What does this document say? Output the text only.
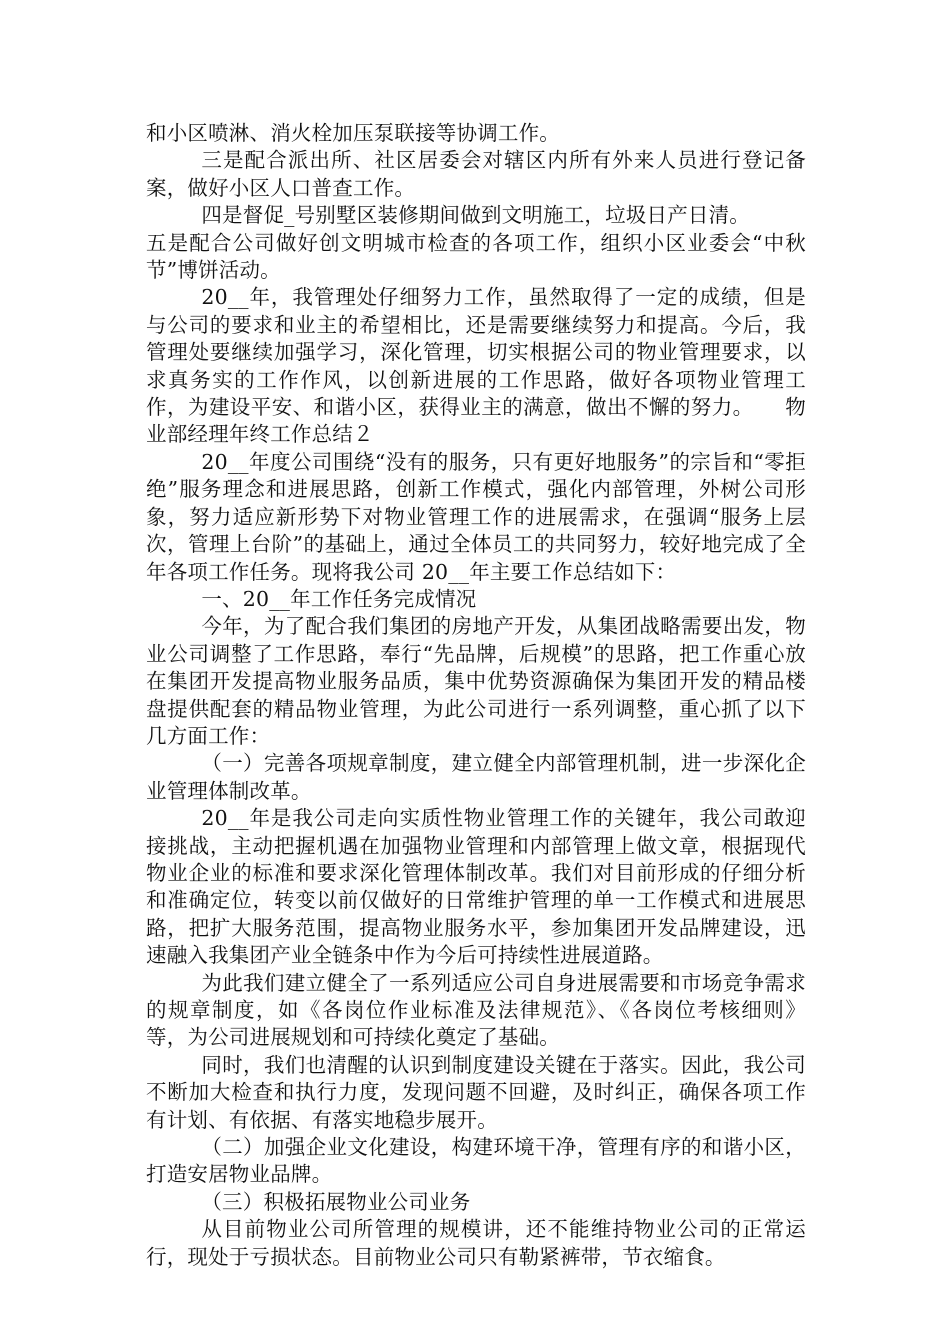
和小区喷淋、消火栓加压泵联接等协调工作。

三是配合派出所、社区居委会对辖区内所有外来人员进行登记备案，做好小区人口普查工作。

四是督促_号别墅区装修期间做到文明施工，垃圾日产日清。

五是配合公司做好创文明城市检查的各项工作，组织小区业委会“中秋节”博饼活动。

20__年，我管理处仔细努力工作，虽然取得了一定的成绩，但是与公司的要求和业主的希望相比，还是需要继续努力和提高。今后，我管理处要继续加强学习，深化管理，切实根据公司的物业管理要求，以求真务实的工作作风，以创新进展的工作思路，做好各项物业管理工作，为建设平安、和谐小区，获得业主的满意，做出不懈的努力。　　物业部经理年终工作总结２

20__年度公司围绕“没有的服务，只有更好地服务”的宗旨和“零拒绝”服务理念和进展思路，创新工作模式，强化内部管理，外树公司形象，努力适应新形势下对物业管理工作的进展需求，在强调“服务上层次，管理上台阶”的基础上，通过全体员工的共同努力，较好地完成了全年各项工作任务。现将我公司 20__年主要工作总结如下：

一、20__年工作任务完成情况

今年，为了配合我们集团的房地产开发，从集团战略需要出发，物业公司调整了工作思路，奉行“先品牌，后规模”的思路，把工作重心放在集团开发提高物业服务品质，集中优势资源确保为集团开发的精品楼盘提供配套的精品物业管理，为此公司进行一系列调整，重心抓了以下几方面工作：

（一）完善各项规章制度，建立健全内部管理机制，进一步深化企业管理体制改革。

20__年是我公司走向实质性物业管理工作的关键年，我公司敢迎接挑战，主动把握机遇在加强物业管理和内部管理上做文章，根据现代物业企业的标准和要求深化管理体制改革。我们对目前形成的仔细分析和准确定位，转变以前仅做好的日常维护管理的单一工作模式和进展思路，把扩大服务范围，提高物业服务水平，参加集团开发品牌建设，迅速融入我集团产业全链条中作为今后可持续性进展道路。

为此我们建立健全了一系列适应公司自身进展需要和市场竞争需求的规章制度，如《各岗位作业标准及法律规范》、《各岗位考核细则》等，为公司进展规划和可持续化奠定了基础。

同时，我们也清醒的认识到制度建设关键在于落实。因此，我公司不断加大检查和执行力度，发现问题不回避，及时纠正，确保各项工作有计划、有依据、有落实地稳步展开。

（二）加强企业文化建设，构建环境干净，管理有序的和谐小区，打造安居物业品牌。

（三）积极拓展物业公司业务

从目前物业公司所管理的规模讲，还不能维持物业公司的正常运行，现处于亏损状态。目前物业公司只有勒紧裤带，节衣缩食。
